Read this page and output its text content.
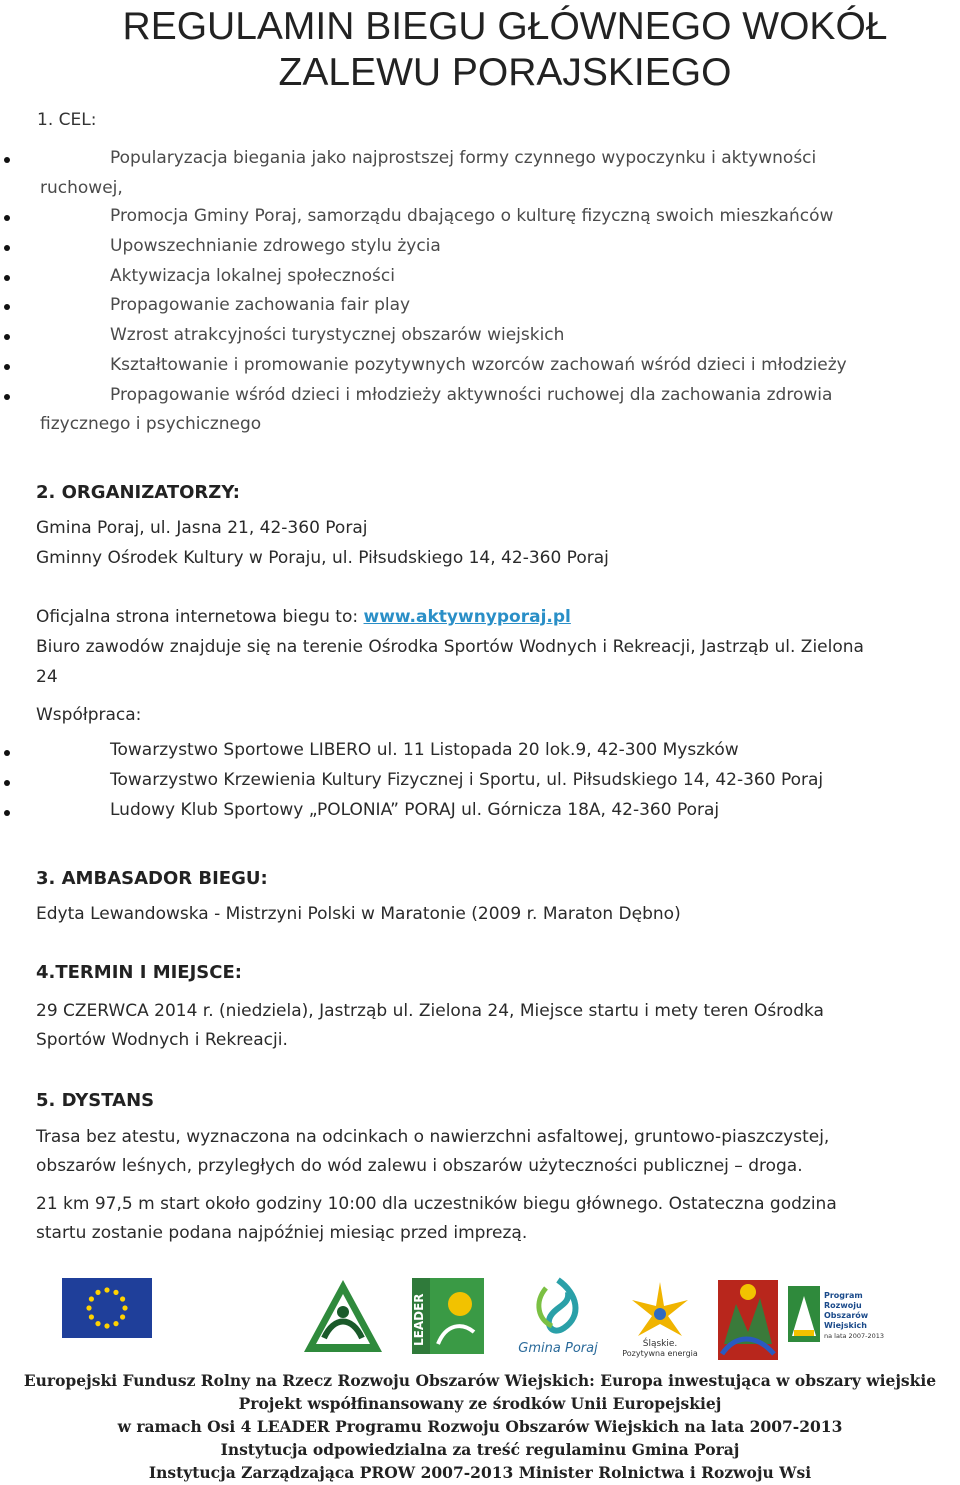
REGULAMIN BIEGU GŁÓWNEGO WOKÓŁ
ZALEWU PORAJSKIEGO
1. CEL:
Popularyzacja biegania jako najprostszej formy czynnego wypoczynku i aktywności
ruchowej,
Promocja Gminy Poraj, samorządu dbającego o kulturę fizyczną swoich mieszkańców
Upowszechnianie zdrowego stylu życia
Aktywizacja lokalnej społeczności
Propagowanie zachowania fair play
Wzrost atrakcyjności turystycznej obszarów wiejskich
Kształtowanie i promowanie pozytywnych wzorców zachowań wśród dzieci i młodzieży
Propagowanie wśród dzieci i młodzieży aktywności ruchowej dla zachowania zdrowia
fizycznego i psychicznego
2. ORGANIZATORZY:
Gmina Poraj, ul. Jasna 21, 42-360 Poraj
Gminny Ośrodek Kultury w Poraju, ul. Piłsudskiego 14, 42-360 Poraj
Oficjalna strona internetowa biegu to: www.aktywnyporaj.pl
Biuro zawodów znajduje się na terenie Ośrodka Sportów Wodnych i Rekreacji, Jastrząb ul. Zielona
24
Współpraca:
Towarzystwo Sportowe LIBERO ul. 11 Listopada 20 lok.9, 42-300 Myszków
Towarzystwo Krzewienia Kultury Fizycznej i Sportu, ul. Piłsudskiego 14, 42-360 Poraj
Ludowy Klub Sportowy „POLONIA” PORAJ ul. Górnicza 18A, 42-360 Poraj
3. AMBASADOR BIEGU:
Edyta Lewandowska - Mistrzyni Polski w Maratonie (2009 r. Maraton Dębno)
4.TERMIN I MIEJSCE:
29 CZERWCA 2014 r. (niedziela), Jastrząb ul. Zielona 24, Miejsce startu i mety teren Ośrodka
Sportów Wodnych i Rekreacji.
5. DYSTANS
Trasa bez atestu, wyznaczona na odcinkach o nawierzchni asfaltowej, gruntowo-piaszczystej,
obszarów leśnych, przyległych do wód zalewu i obszarów użyteczności publicznej – droga.
21 km 97,5 m start około godziny 10:00 dla uczestników biegu głównego. Ostateczna godzina
startu zostanie podana najpóźniej miesiąc przed imprezą.
LEADER
Gmina Poraj	Śląskie.
Pozytywna energia
Program
Rozwoju
Obszarów
Wiejskich
na lata 2007-2013
Europejski Fundusz Rolny na Rzecz Rozwoju Obszarów Wiejskich: Europa inwestująca w obszary wiejskie
Projekt współfinansowany ze środków Unii Europejskiej
w ramach Osi 4 LEADER Programu Rozwoju Obszarów Wiejskich na lata 2007-2013
Instytucja odpowiedzialna za treść regulaminu Gmina Poraj
Instytucja Zarządzająca PROW 2007-2013 Minister Rolnictwa i Rozwoju Wsi
